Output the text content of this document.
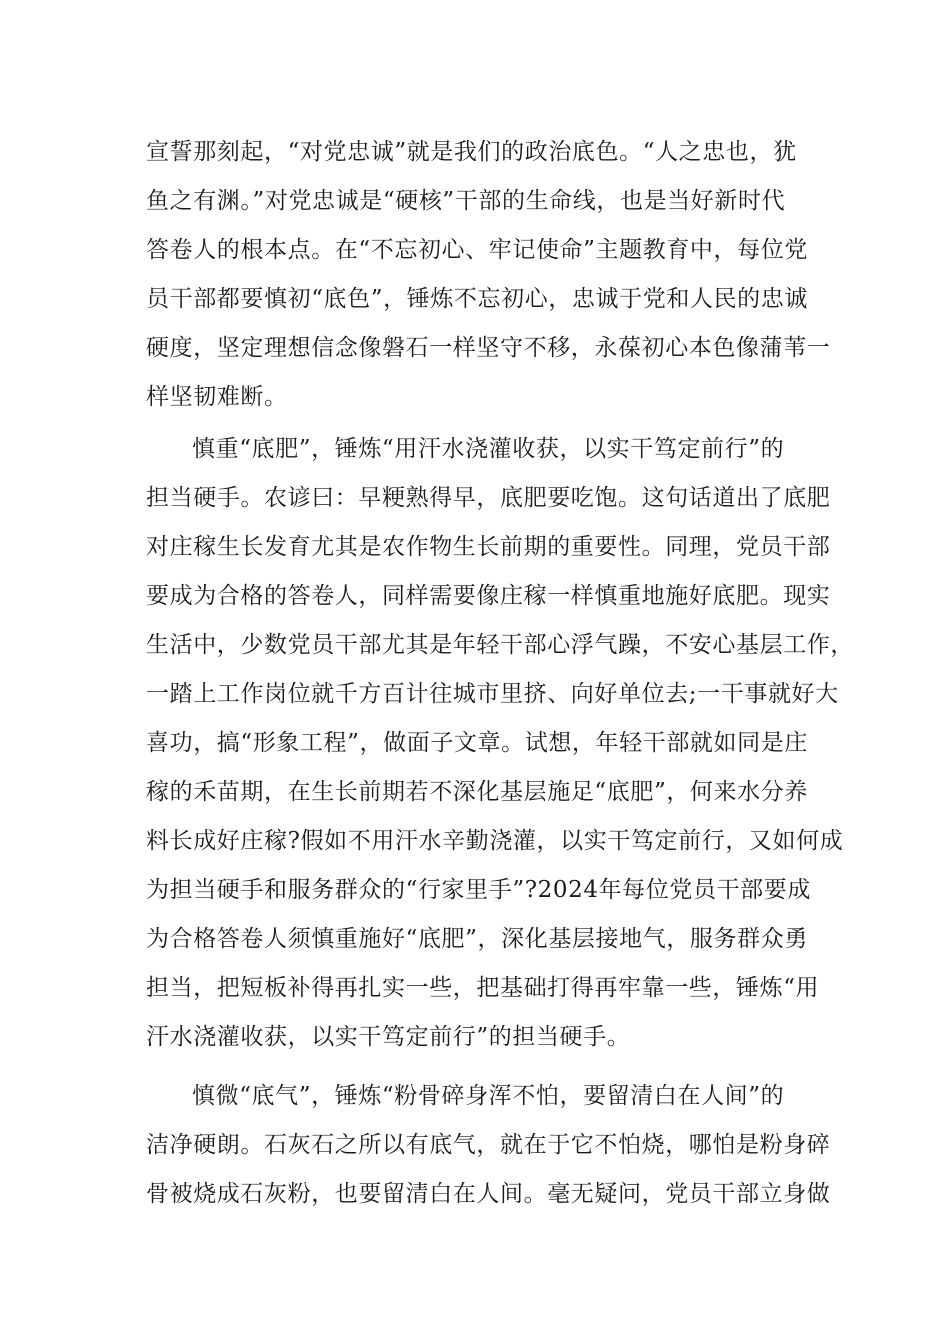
宣誓那刻起，“对党忠诚”就是我们的政治底色。“人之忠也，犹

鱼之有渊。”对党忠诚是“硬核”干部的生命线，也是当好新时代

答卷人的根本点。在“不忘初心、牢记使命”主题教育中，每位党

员干部都要慎初“底色”，锤炼不忘初心，忠诚于党和人民的忠诚

硬度，坚定理想信念像磐石一样坚守不移，永葆初心本色像蒲苇一

样坚韧难断。

慎重“底肥”，锤炼“用汗水浇灌收获，以实干笃定前行”的

担当硬手。农谚曰：早粳熟得早，底肥要吃饱。这句话道出了底肥

对庄稼生长发育尤其是农作物生长前期的重要性。同理，党员干部

要成为合格的答卷人，同样需要像庄稼一样慎重地施好底肥。现实

生活中，少数党员干部尤其是年轻干部心浮气躁，不安心基层工作，

一踏上工作岗位就千方百计往城市里挤、向好单位去;一干事就好大

喜功，搞“形象工程”，做面子文章。试想，年轻干部就如同是庄

稼的禾苗期，在生长前期若不深化基层施足“底肥”，何来水分养

料长成好庄稼?假如不用汗水辛勤浇灌，以实干笃定前行，又如何成

为担当硬手和服务群众的“行家里手”?2024年每位党员干部要成

为合格答卷人须慎重施好“底肥”，深化基层接地气，服务群众勇

担当，把短板补得再扎实一些，把基础打得再牢靠一些，锤炼“用

汗水浇灌收获，以实干笃定前行”的担当硬手。

慎微“底气”，锤炼“粉骨碎身浑不怕，要留清白在人间”的

洁净硬朗。石灰石之所以有底气，就在于它不怕烧，哪怕是粉身碎

骨被烧成石灰粉，也要留清白在人间。毫无疑问，党员干部立身做
